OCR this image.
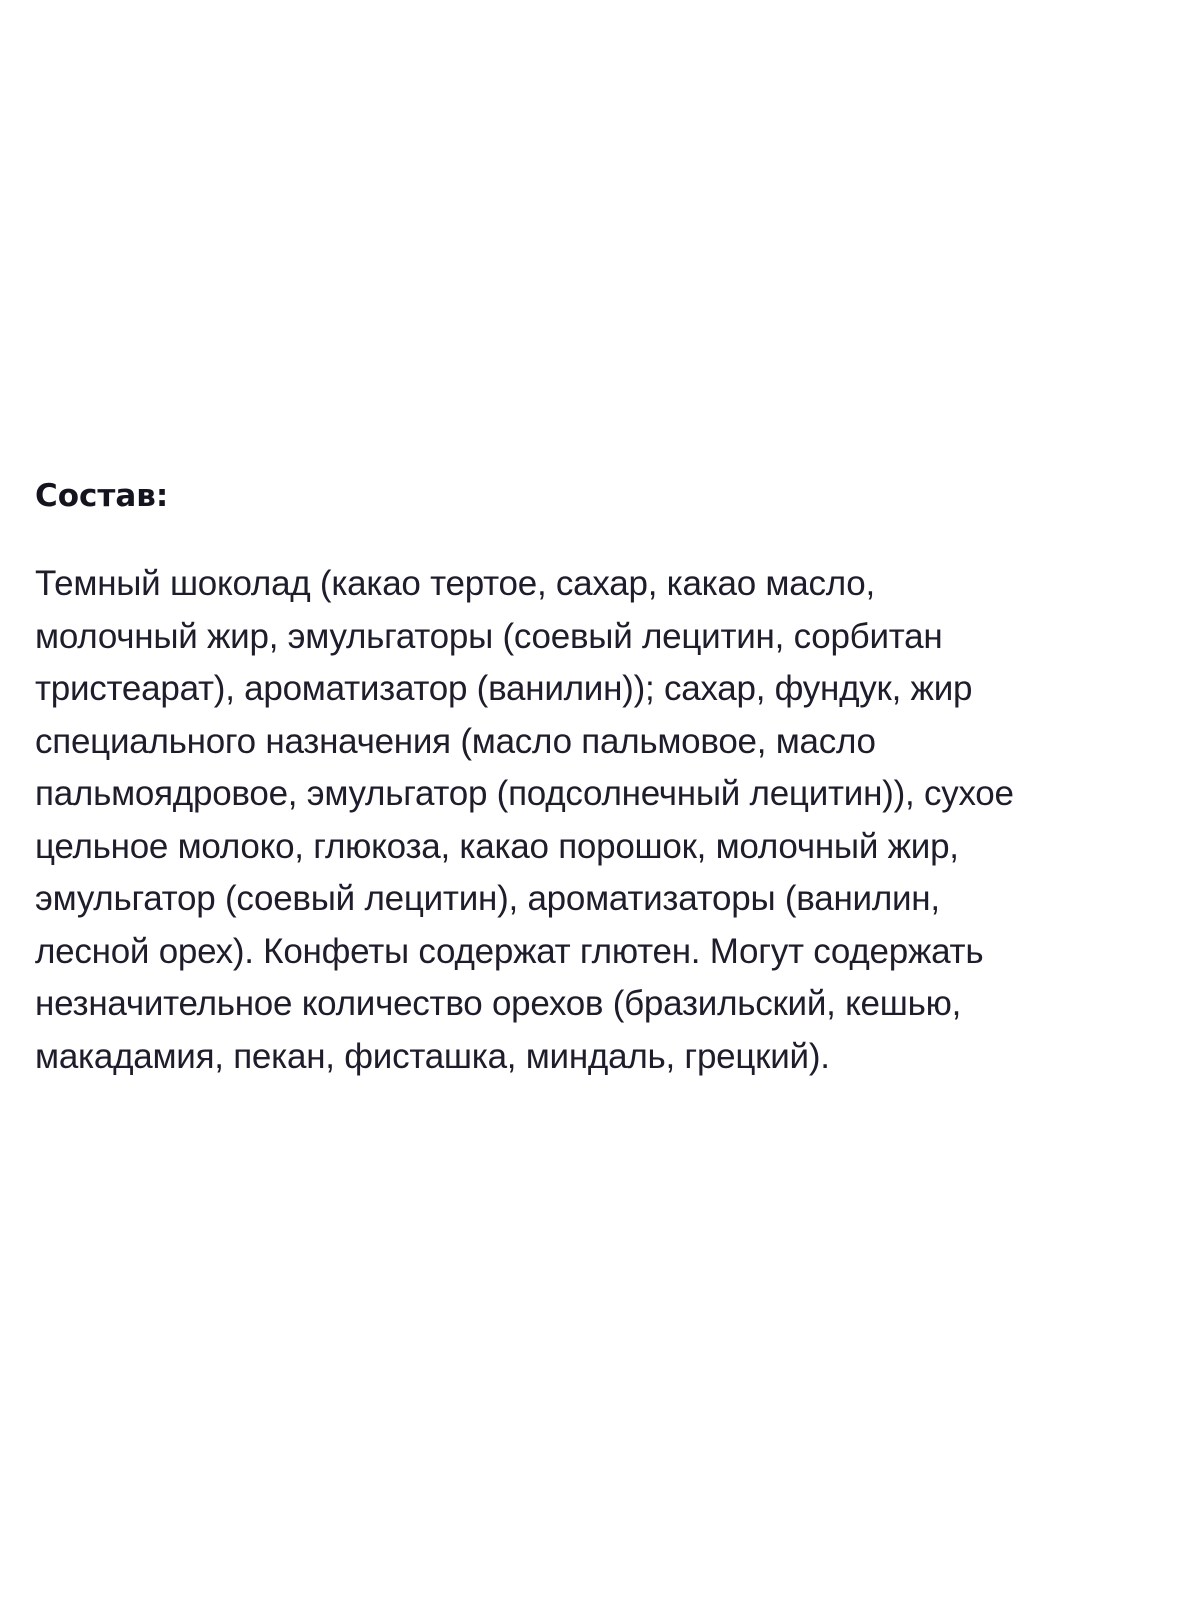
Состав:
Темный шоколад (какао тертое, сахар, какао масло,
молочный жир, эмульгаторы (соевый лецитин, сорбитан
тристеарат), ароматизатор (ванилин)); сахар, фундук, жир
специального назначения (масло пальмовое, масло
пальмоядровое, эмульгатор (подсолнечный лецитин)), сухое
цельное молоко, глюкоза, какао порошок, молочный жир,
эмульгатор (соевый лецитин), ароматизаторы (ванилин,
лесной орех). Конфеты содержат глютен. Могут содержать
незначительное количество орехов (бразильский, кешью,
макадамия, пекан, фисташка, миндаль, грецкий).
